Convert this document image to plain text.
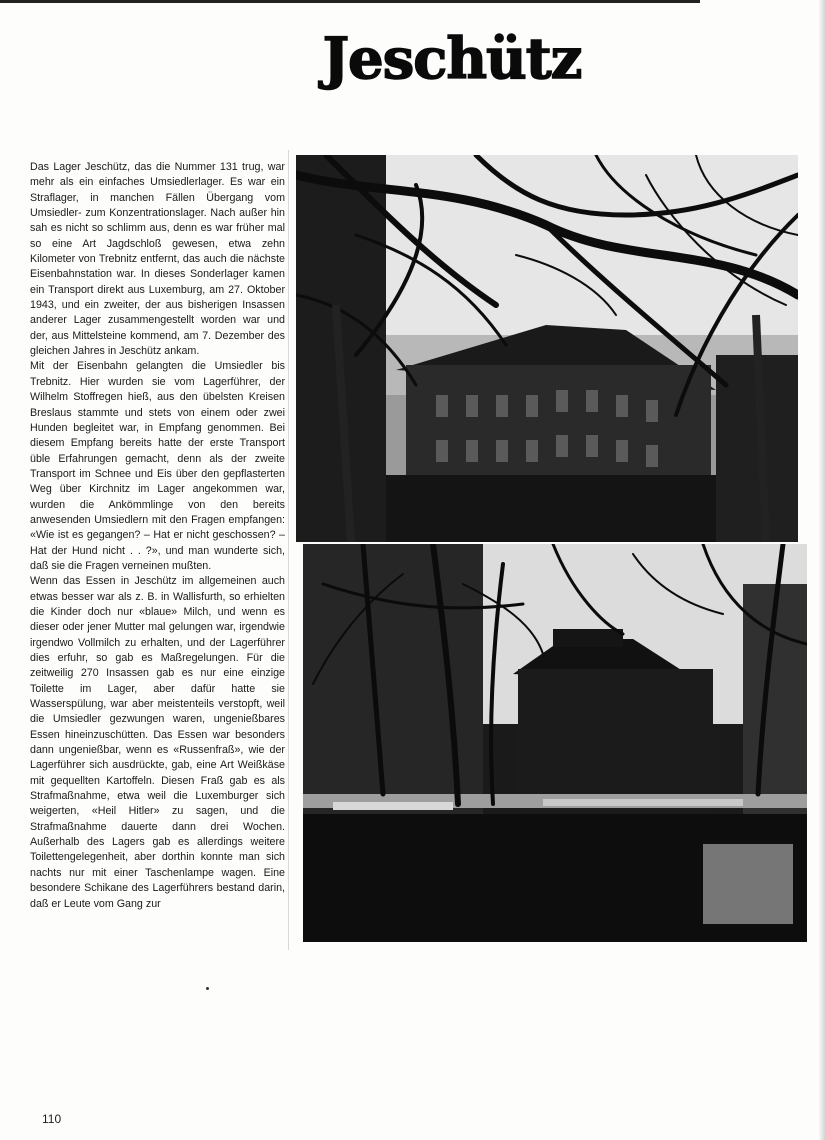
Jeschütz

Das Lager Jeschütz, das die Nummer 131 trug, war mehr als ein einfaches Umsiedlerlager. Es war ein Straflager, in manchen Fällen Übergang vom Umsiedler- zum Konzentrationslager. Nach außer hin sah es nicht so schlimm aus, denn es war früher mal so eine Art Jagdschloß gewesen, etwa zehn Kilometer von Trebnitz entfernt, das auch die nächste Eisenbahnstation war. In dieses Sonderlager kamen ein Transport direkt aus Luxemburg, am 27. Oktober 1943, und ein zweiter, der aus bisherigen Insassen anderer Lager zusammengestellt worden war und der, aus Mittelsteine kommend, am 7. Dezember des gleichen Jahres in Jeschütz ankam.

Mit der Eisenbahn gelangten die Umsiedler bis Trebnitz. Hier wurden sie vom Lagerführer, der Wilhelm Stoffregen hieß, aus den übelsten Kreisen Breslaus stammte und stets von einem oder zwei Hunden begleitet war, in Empfang genommen. Bei diesem Empfang bereits hatte der erste Transport üble Erfahrungen gemacht, denn als der zweite Transport im Schnee und Eis über den gepflasterten Weg über Kirchnitz im Lager angekommen war, wurden die Ankömmlinge von den bereits anwesenden Umsiedlern mit den Fragen empfangen: «Wie ist es gegangen? – Hat er nicht geschossen? – Hat der Hund nicht . . ?», und man wunderte sich, daß sie die Fragen verneinen mußten.

Wenn das Essen in Jeschütz im allgemeinen auch etwas besser war als z. B. in Wallisfurth, so erhielten die Kinder doch nur «blaue» Milch, und wenn es dieser oder jener Mutter mal gelungen war, irgendwie irgendwo Vollmilch zu erhalten, und der Lagerführer dies erfuhr, so gab es Maßregelungen. Für die zeitweilig 270 Insassen gab es nur eine einzige Toilette im Lager, aber dafür hatte sie Wasserspülung, war aber meistenteils verstopft, weil die Umsiedler gezwungen waren, ungenießbares Essen hineinzuschütten. Das Essen war besonders dann ungenießbar, wenn es «Russenfraß», wie der Lagerführer sich ausdrückte, gab, eine Art Weißkäse mit gequellten Kartoffeln. Diesen Fraß gab es als Strafmaßnahme, etwa weil die Luxemburger sich weigerten, «Heil Hitler» zu sagen, und die Strafmaßnahme dauerte dann drei Wochen. Außerhalb des Lagers gab es allerdings weitere Toilettengelegenheit, aber dorthin konnte man sich nachts nur mit einer Taschenlampe wagen. Eine besondere Schikane des Lagerführers bestand darin, daß er Leute vom Gang zur

110
